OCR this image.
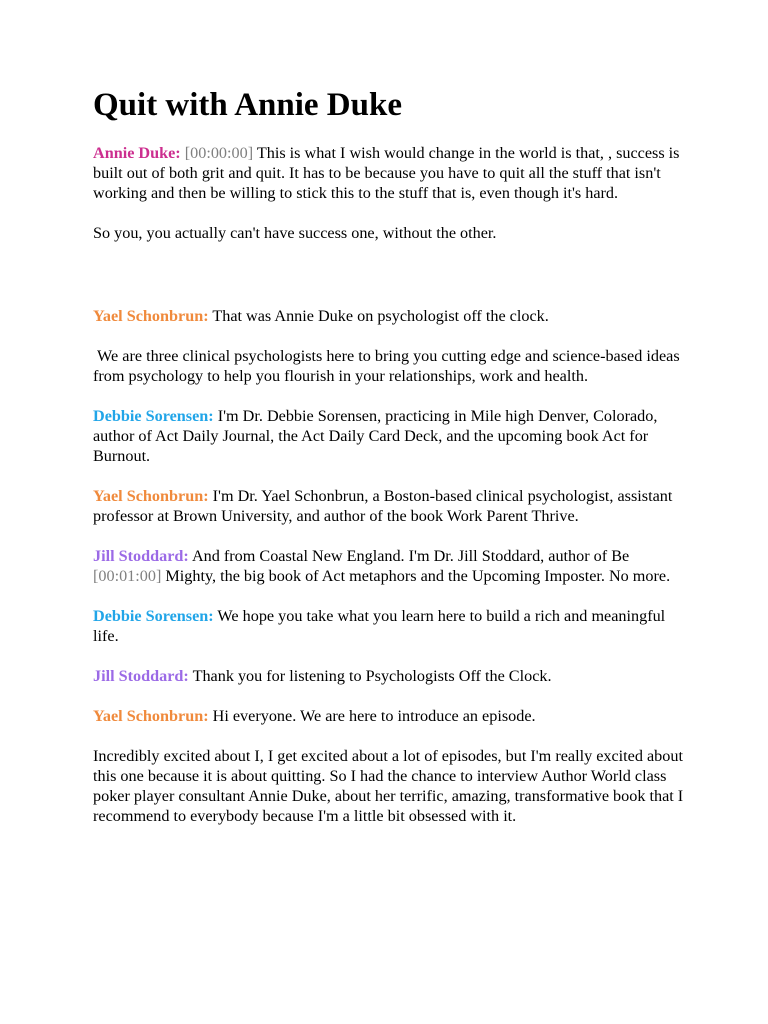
Quit with Annie Duke

Annie Duke: [00:00:00] This is what I wish would change in the world is that, , success is built out of both grit and quit. It has to be because you have to quit all the stuff that isn't working and then be willing to stick this to the stuff that is, even though it's hard.

So you, you actually can't have success one, without the other.

Yael Schonbrun: That was Annie Duke on psychologist off the clock.

We are three clinical psychologists here to bring you cutting edge and science-based ideas from psychology to help you flourish in your relationships, work and health.

Debbie Sorensen: I'm Dr. Debbie Sorensen, practicing in Mile high Denver, Colorado, author of Act Daily Journal, the Act Daily Card Deck, and the upcoming book Act for Burnout.

Yael Schonbrun: I'm Dr. Yael Schonbrun, a Boston-based clinical psychologist, assistant professor at Brown University, and author of the book Work Parent Thrive.

Jill Stoddard: And from Coastal New England. I'm Dr. Jill Stoddard, author of Be [00:01:00] Mighty, the big book of Act metaphors and the Upcoming Imposter. No more.

Debbie Sorensen: We hope you take what you learn here to build a rich and meaningful life.

Jill Stoddard: Thank you for listening to Psychologists Off the Clock.

Yael Schonbrun: Hi everyone. We are here to introduce an episode.

Incredibly excited about I, I get excited about a lot of episodes, but I'm really excited about this one because it is about quitting. So I had the chance to interview Author World class poker player consultant Annie Duke, about her terrific, amazing, transformative book that I recommend to everybody because I'm a little bit obsessed with it.
